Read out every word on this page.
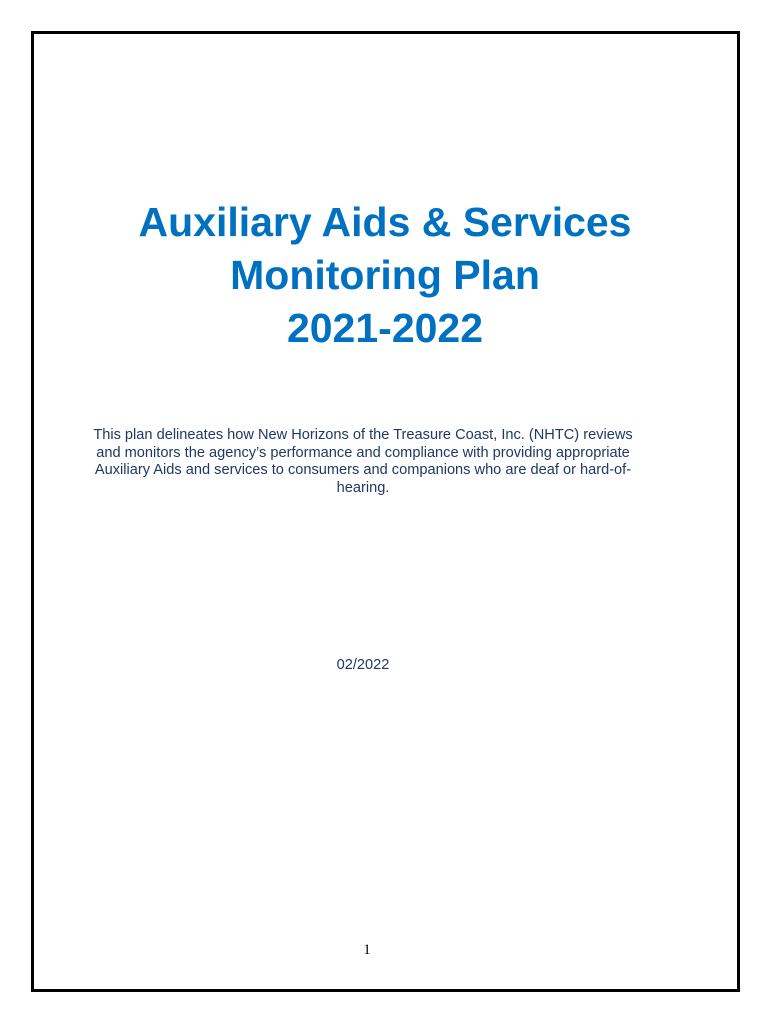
Auxiliary Aids & Services
Monitoring Plan
2021-2022
This plan delineates how New Horizons of the Treasure Coast, Inc. (NHTC) reviews
and monitors the agency’s performance and compliance with providing appropriate
Auxiliary Aids and services to consumers and companions who are deaf or hard-of-
hearing.
02/2022
1
